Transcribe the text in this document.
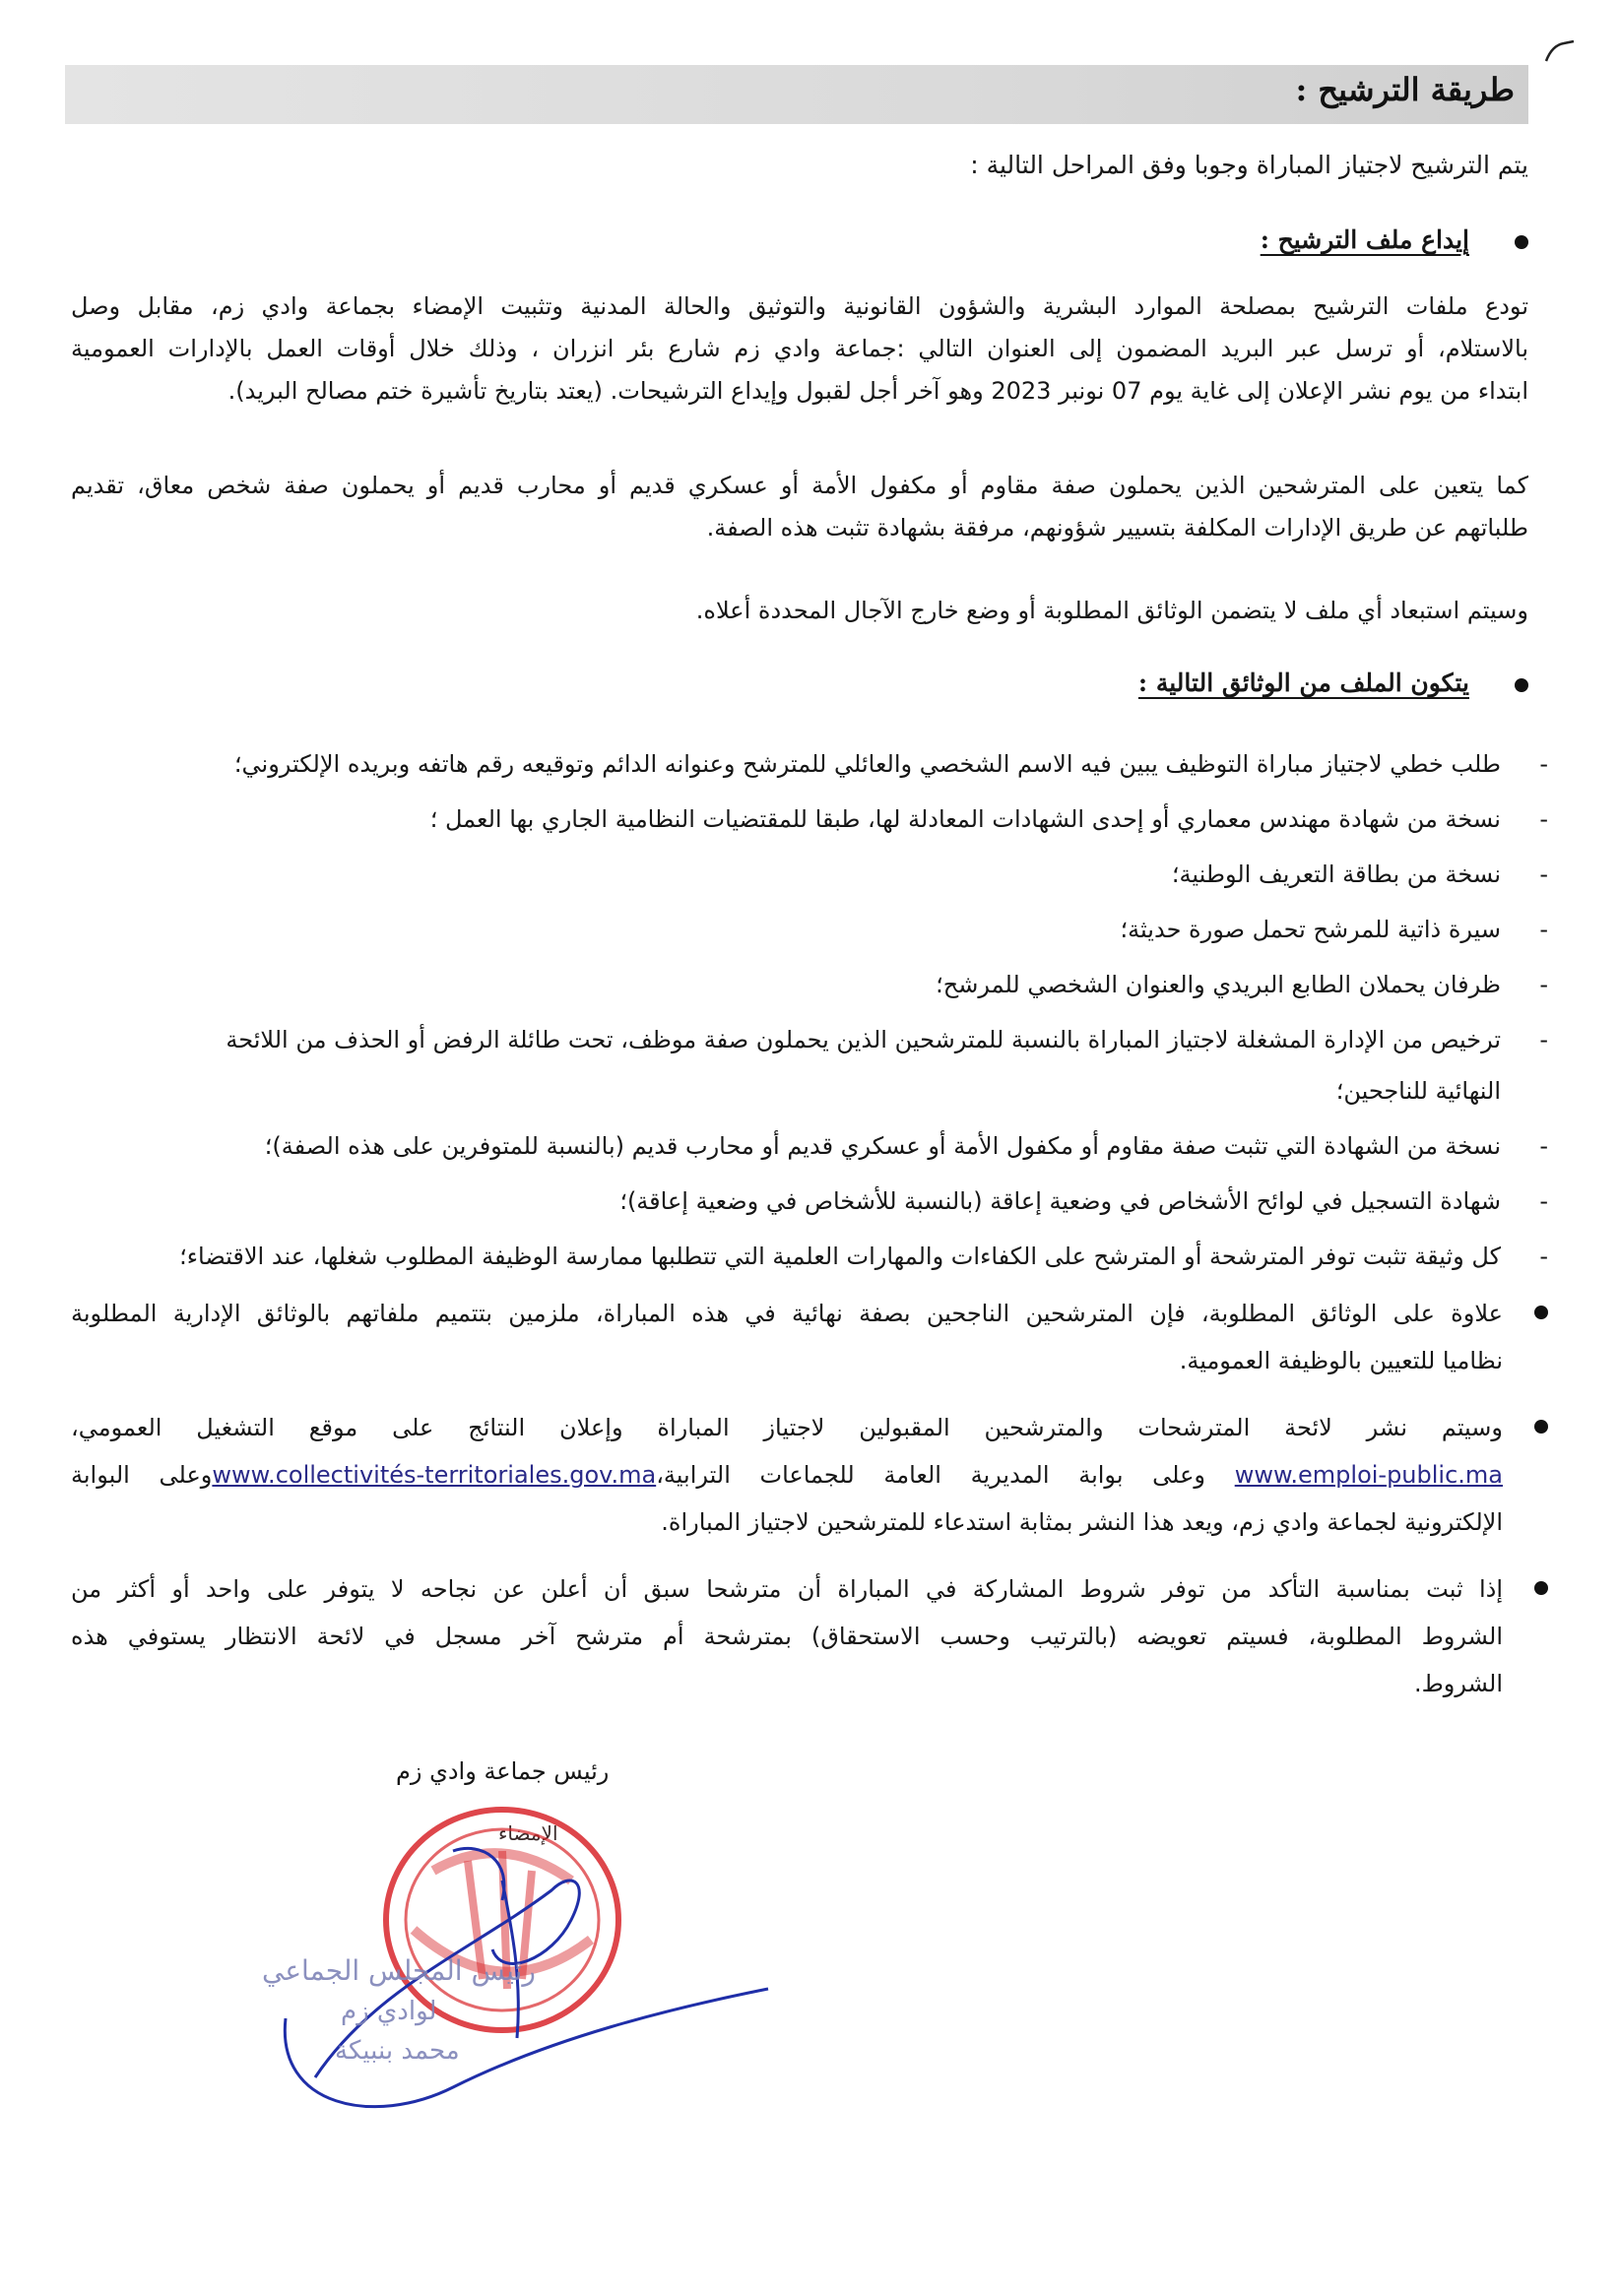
طريقة الترشيح :
يتم الترشيح لاجتياز المباراة وجوبا وفق المراحل التالية :
إيداع ملف الترشيح :
تودع ملفات الترشيح بمصلحة الموارد البشرية والشؤون القانونية والتوثيق والحالة المدنية وتثبيت الإمضاء بجماعة وادي زم، مقابل وصل
بالاستلام، أو ترسل عبر البريد المضمون إلى العنوان التالي :جماعة وادي زم شارع بئر انزران ، وذلك خلال أوقات العمل بالإدارات العمومية
ابتداء من يوم نشر الإعلان إلى غاية يوم 07 نونبر 2023 وهو آخر أجل لقبول وإيداع الترشيحات. (يعتد بتاريخ تأشيرة ختم مصالح البريد).
كما يتعين على المترشحين الذين يحملون صفة مقاوم أو مكفول الأمة أو عسكري قديم أو محارب قديم أو يحملون صفة شخص معاق، تقديم
طلباتهم عن طريق الإدارات المكلفة بتسيير شؤونهم، مرفقة بشهادة تثبت هذه الصفة.
وسيتم استبعاد أي ملف لا يتضمن الوثائق المطلوبة أو وضع خارج الآجال المحددة أعلاه.
يتكون الملف من الوثائق التالية :
-
طلب خطي لاجتياز مباراة التوظيف يبين فيه الاسم الشخصي والعائلي للمترشح وعنوانه الدائم وتوقيعه رقم هاتفه وبريده الإلكتروني؛
-
نسخة من شهادة مهندس معماري أو إحدى الشهادات المعادلة لها، طبقا للمقتضيات النظامية الجاري بها العمل ؛
-
نسخة من بطاقة التعريف الوطنية؛
-
سيرة ذاتية للمرشح تحمل صورة حديثة؛
-
ظرفان يحملان الطابع البريدي والعنوان الشخصي للمرشح؛
-
ترخيص من الإدارة المشغلة لاجتياز المباراة بالنسبة للمترشحين الذين يحملون صفة موظف، تحت طائلة الرفض أو الحذف من اللائحة
النهائية للناجحين؛
-
نسخة من الشهادة التي تثبت صفة مقاوم أو مكفول الأمة أو عسكري قديم أو محارب قديم (بالنسبة للمتوفرين على هذه الصفة)؛
-
شهادة التسجيل في لوائح الأشخاص في وضعية إعاقة (بالنسبة للأشخاص في وضعية إعاقة)؛
-
كل وثيقة تثبت توفر المترشحة أو المترشح على الكفاءات والمهارات العلمية التي تتطلبها ممارسة الوظيفة المطلوب شغلها، عند الاقتضاء؛
علاوة على الوثائق المطلوبة، فإن المترشحين الناجحين بصفة نهائية في هذه المباراة، ملزمين بتتميم ملفاتهم بالوثائق الإدارية المطلوبة
نظاميا للتعيين بالوظيفة العمومية.
وسيتم نشر لائحة المترشحات والمترشحين المقبولين لاجتياز المباراة وإعلان النتائج على موقع التشغيل العمومي،
www.emploi-public.ma وعلى بوابة المديرية العامة للجماعات الترابية،www.collectivités-territoriales.gov.maوعلى البوابة
الإلكترونية لجماعة وادي زم، ويعد هذا النشر بمثابة استدعاء للمترشحين لاجتياز المباراة.
إذا ثبت بمناسبة التأكد من توفر شروط المشاركة في المباراة أن مترشحا سبق أن أعلن عن نجاحه لا يتوفر على واحد أو أكثر من
الشروط المطلوبة، فسيتم تعويضه (بالترتيب وحسب الاستحقاق) بمترشحة أم مترشح آخر مسجل في لائحة الانتظار يستوفي هذه
الشروط.
رئيس جماعة وادي زم
الإمضاء
رئيس المجلس الجماعي
لوادي زم
محمد بنبيكة
